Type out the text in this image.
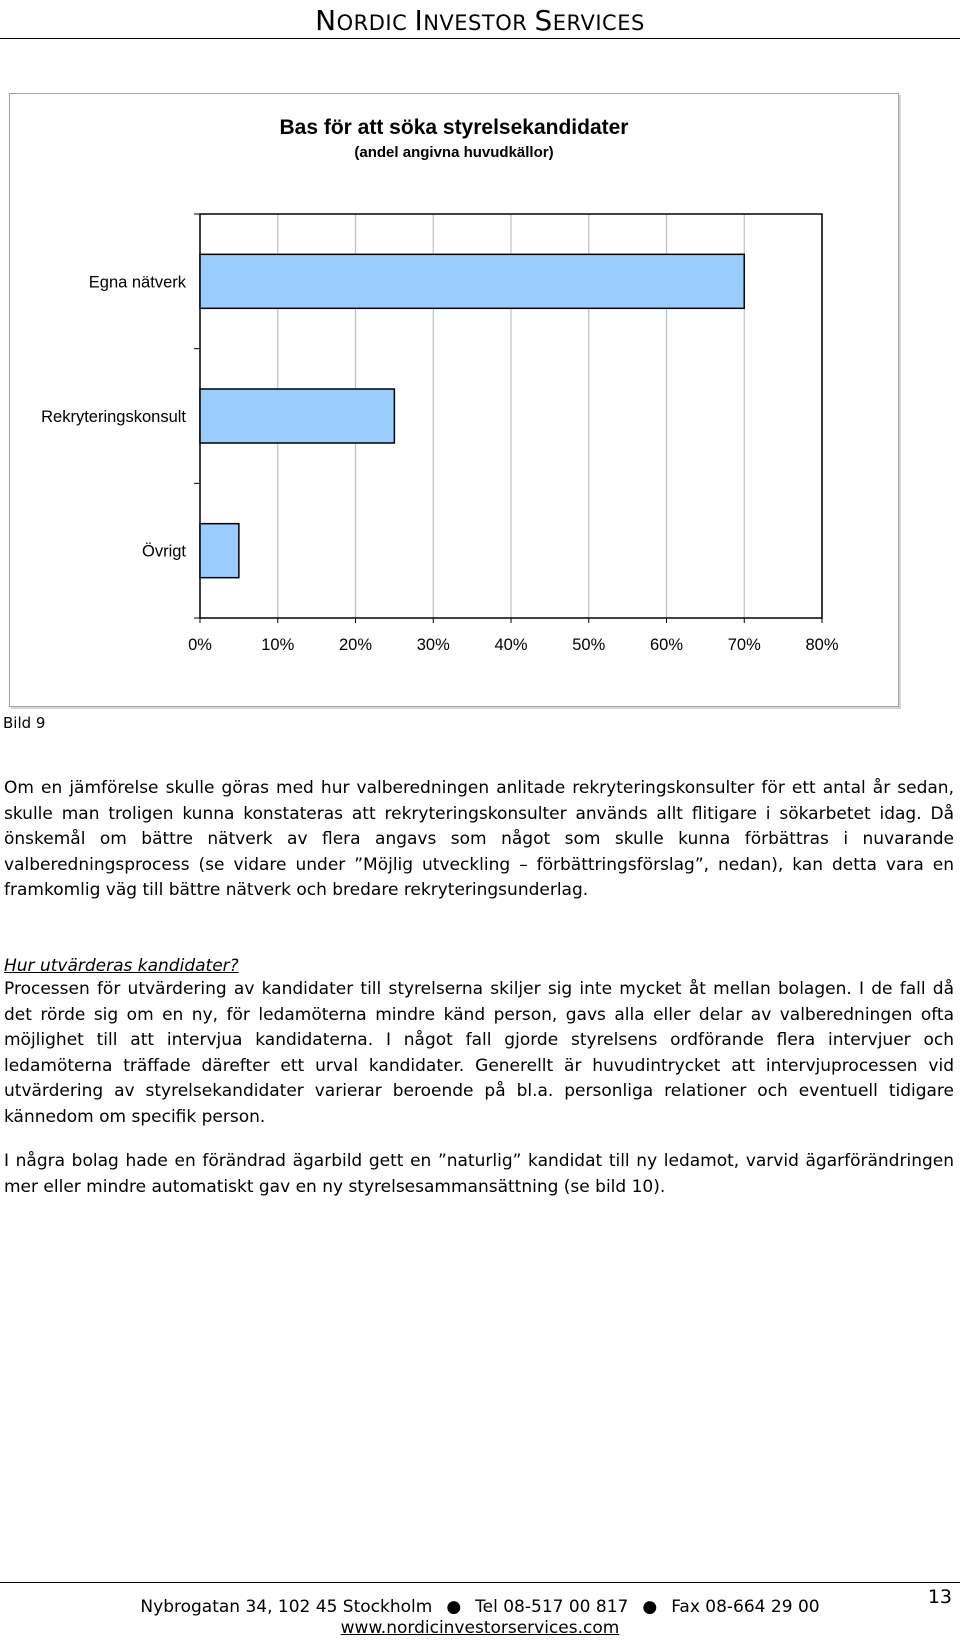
NORDIC INVESTOR SERVICES
Egna nätverk
Rekryteringskonsult
Övrigt
0%	10%	20%	30%	40%	50%	60%	70%	80%
Bas för att söka styrelsekandidater
(andel angivna huvudkällor)
Bild 9

Om en jämförelse skulle göras med hur valberedningen anlitade rekryteringskonsulter för ett antal år sedan, skulle man troligen kunna konstateras att rekryteringskonsulter används allt flitigare i sökarbetet idag. Då önskemål om bättre nätverk av flera angavs som något som skulle kunna förbättras i nuvarande valberedningsprocess (se vidare under ”Möjlig utveckling – förbättringsförslag”, nedan), kan detta vara en framkomlig väg till bättre nätverk och bredare rekryteringsunderlag.

Hur utvärderas kandidater?

Processen för utvärdering av kandidater till styrelserna skiljer sig inte mycket åt mellan bolagen. I de fall då det rörde sig om en ny, för ledamöterna mindre känd person, gavs alla eller delar av valberedningen ofta möjlighet till att intervjua kandidaterna. I något fall gjorde styrelsens ordförande flera intervjuer och ledamöterna träffade därefter ett urval kandidater. Generellt är huvudintrycket att intervjuprocessen vid utvärdering av styrelsekandidater varierar beroende på bl.a. personliga relationer och eventuell tidigare kännedom om specifik person.

I några bolag hade en förändrad ägarbild gett en ”naturlig” kandidat till ny ledamot, varvid ägarförändringen mer eller mindre automatiskt gav en ny styrelsesammansättning (se bild 10).

13
Nybrogatan 34, 102 45 Stockholm ● Tel 08-517 00 817 ● Fax 08-664 29 00
www.nordicinvestorservices.com
